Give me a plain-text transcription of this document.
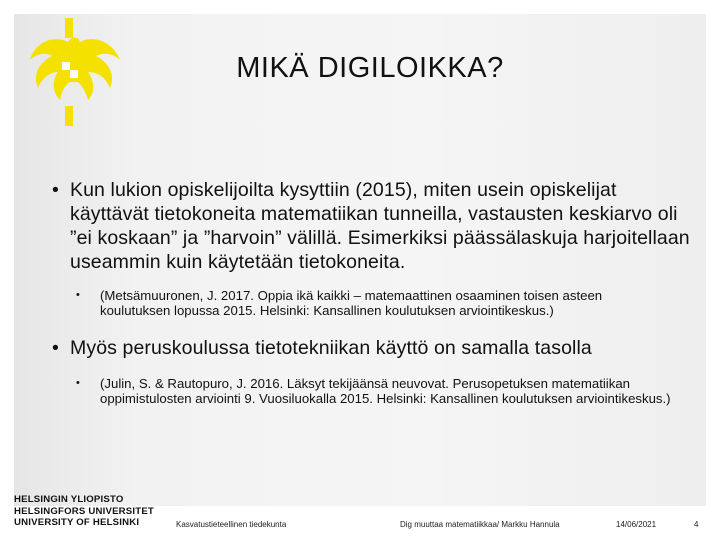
MIKÄ DIGILOIKKA?
• Kun lukion opiskelijoilta kysyttiin (2015), miten usein opiskelijat käyttävät tietokoneita matematiikan tunneilla, vastausten keskiarvo oli ”ei koskaan” ja ”harvoin” välillä. Esimerkiksi päässälaskuja harjoitellaan useammin kuin käytetään tietokoneita.
• (Metsämuuronen, J. 2017. Oppia ikä kaikki – matemaattinen osaaminen toisen asteen koulutuksen lopussa 2015. Helsinki: Kansallinen koulutuksen arviointikeskus.)
• Myös peruskoulussa tietotekniikan käyttö on samalla tasolla
• (Julin, S. & Rautopuro, J. 2016. Läksyt tekijäänsä neuvovat. Perusopetuksen matematiikan oppimistulosten arviointi 9. Vuosiluokalla 2015. Helsinki: Kansallinen koulutuksen arviointikeskus.)
HELSINGIN YLIOPISTO
HELSINGFORS UNIVERSITET
UNIVERSITY OF HELSINKI	Kasvatustieteellinen tiedekunta	Dig muuttaa matematiikkaa/ Markku Hannula	14/06/2021	4
